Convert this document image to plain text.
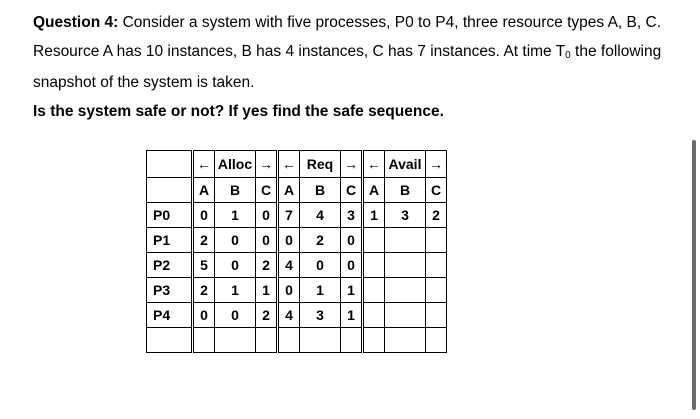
Question 4: Consider a system with five processes, P0 to P4, three resource types A, B, C.
Resource A has 10 instances, B has 4 instances, C has 7 instances. At time T0 the following
snapshot of the system is taken.
Is the system safe or not? If yes find the safe sequence.
	←	Alloc	→	←	Req	→	←	Avail	→
	A	B	C	A	B	C	A	B	C
P0	0	1	0	7	4	3	1	3	2
P1	2	0	0	0	2	0			
P2	5	0	2	4	0	0			
P3	2	1	1	0	1	1			
P4	0	0	2	4	3	1			
